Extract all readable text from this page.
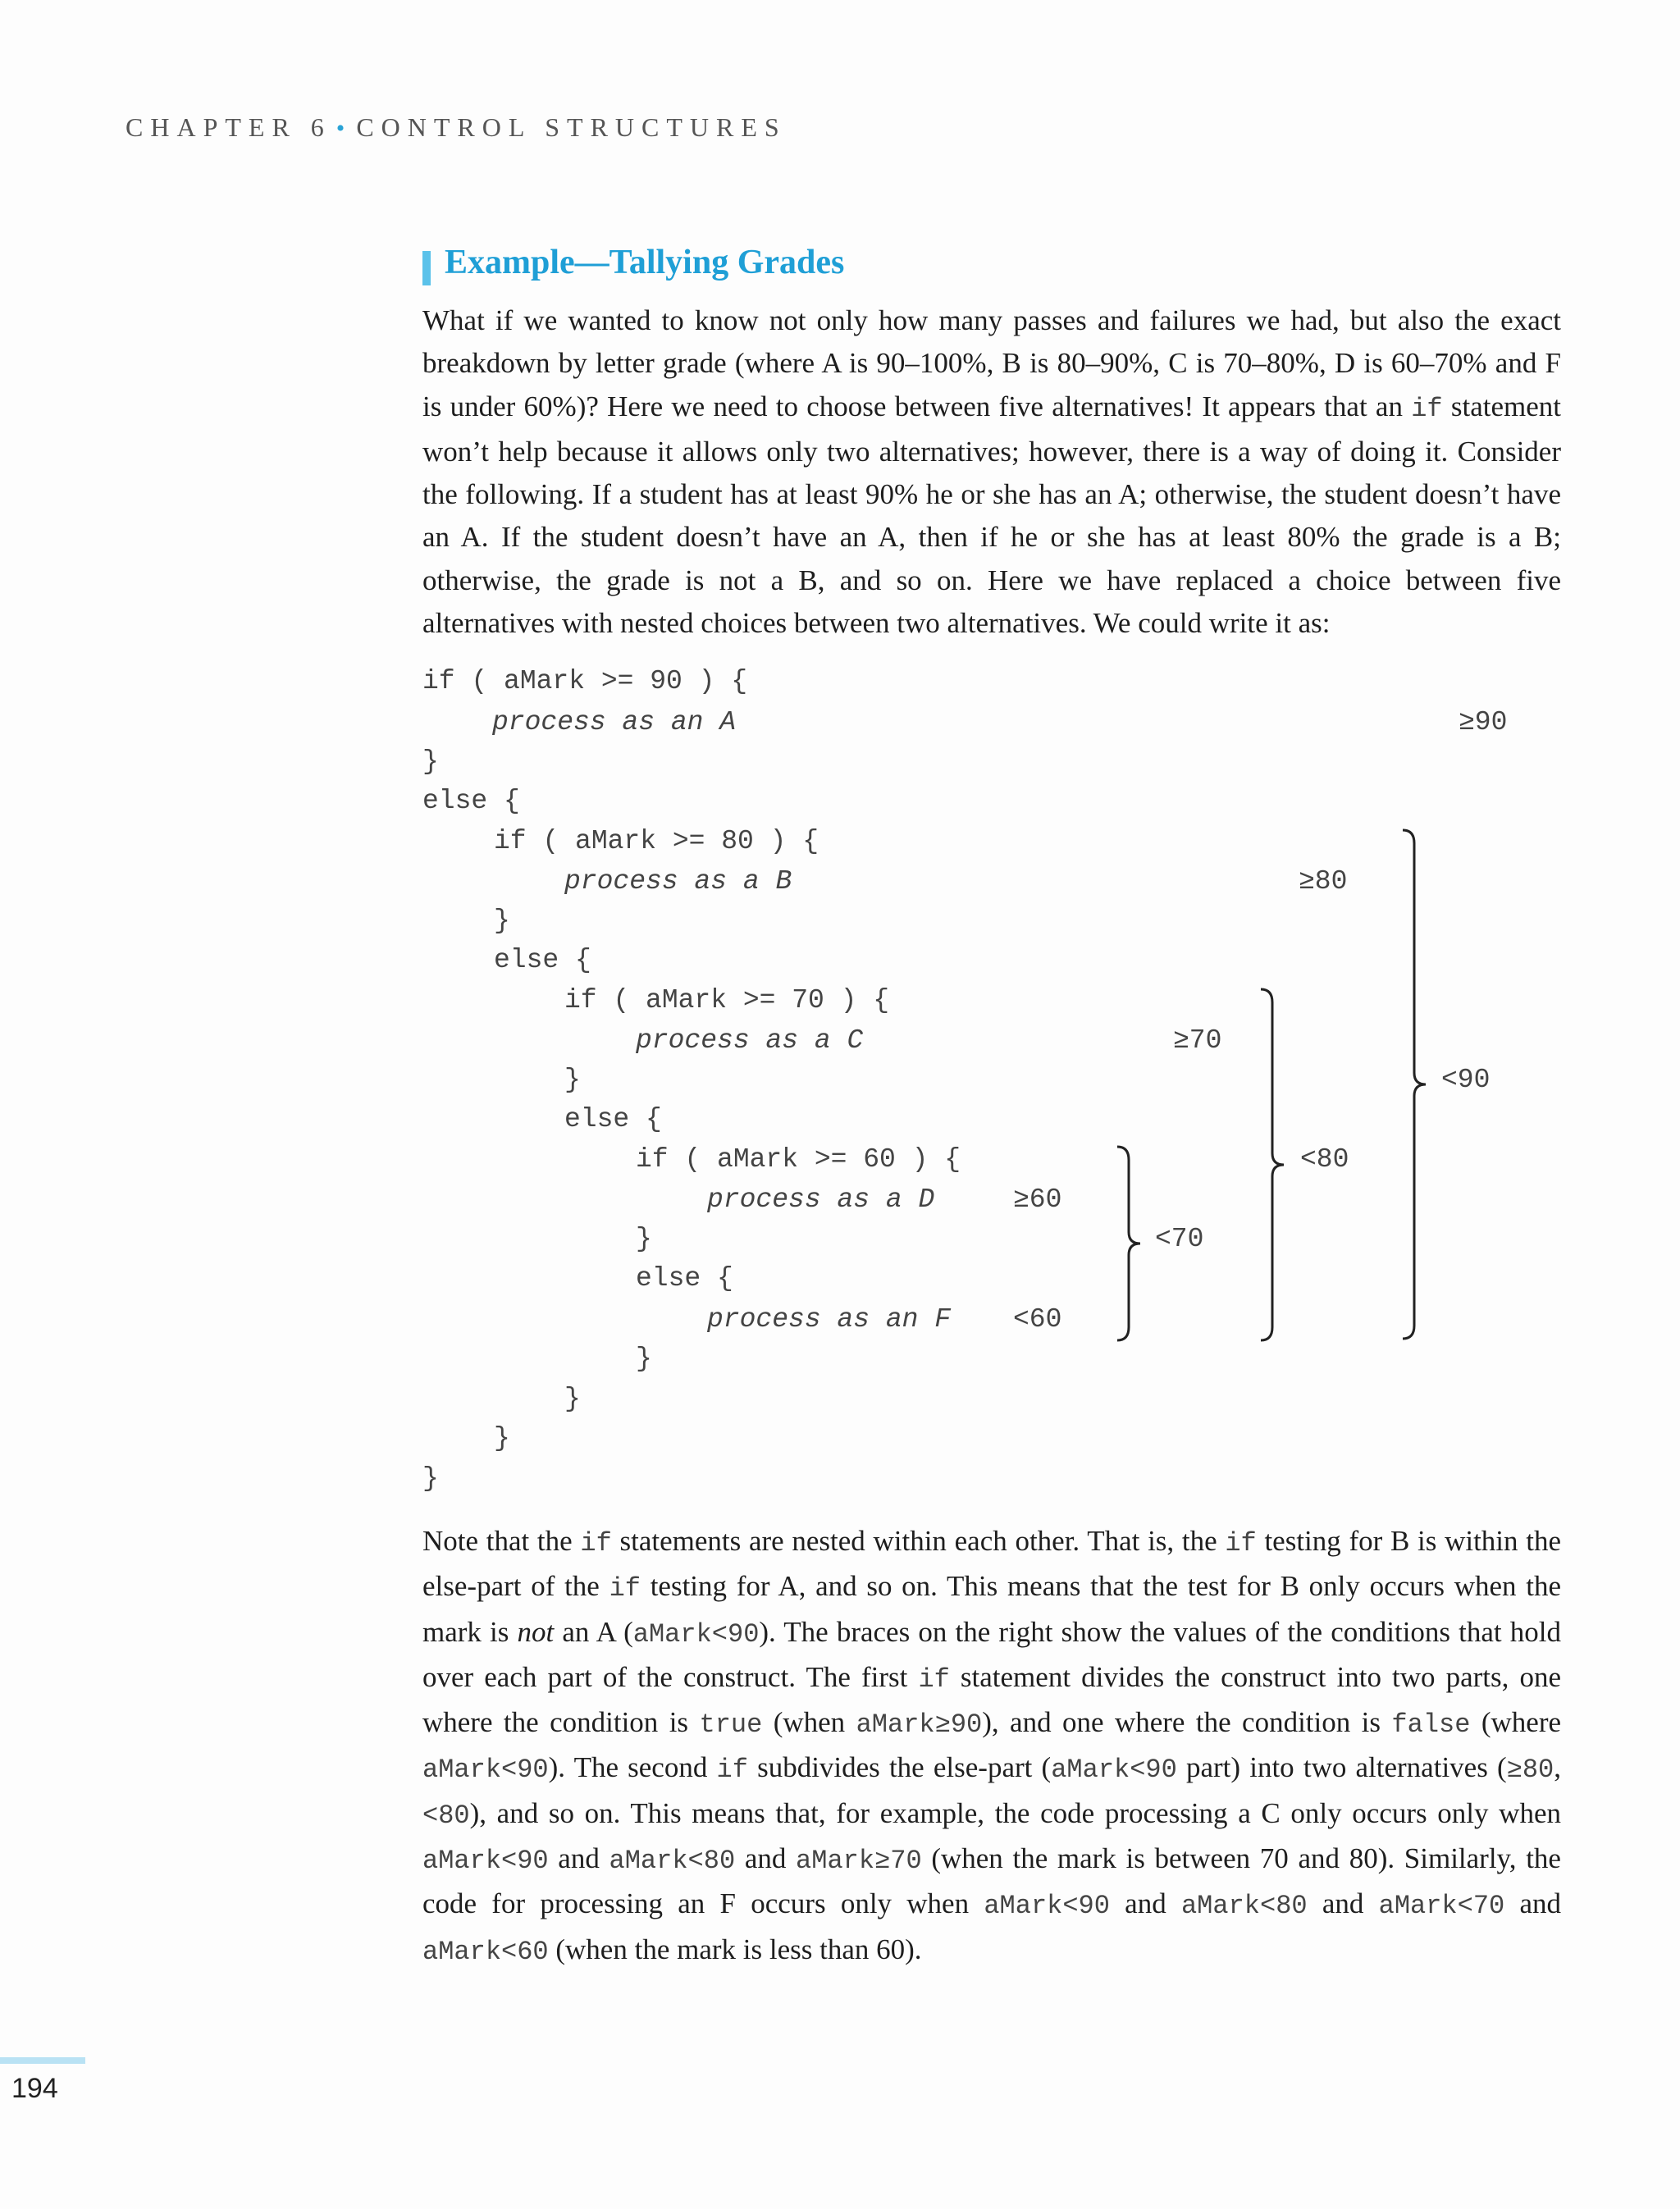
CHAPTER 6 • CONTROL STRUCTURES
Example—Tallying Grades
What if we wanted to know not only how many passes and failures we had, but also the exact breakdown by letter grade (where A is 90–100%, B is 80–90%, C is 70–80%, D is 60–70% and F is under 60%)? Here we need to choose between five alternatives! It appears that an if statement won’t help because it allows only two alternatives; however, there is a way of doing it. Consider the following. If a student has at least 90% he or she has an A; otherwise, the student doesn’t have an A. If the student doesn’t have an A, then if he or she has at least 80% the grade is a B; otherwise, the grade is not a B, and so on. Here we have replaced a choice between five alternatives with nested choices between two alternatives. We could write it as:
if ( aMark >= 90 ) {
process as an A
}
else {
if ( aMark >= 80 ) {
process as a B
}
else {
if ( aMark >= 70 ) {
process as a C
}
else {
if ( aMark >= 60 ) {
process as a D
}
else {
process as an F
}
}
}
}
≥90
≥80
≥70
≥60
<60
<70
<80
<90
Note that the if statements are nested within each other. That is, the if testing for B is within the else-part of the if testing for A, and so on. This means that the test for B only occurs when the mark is not an A (aMark<90). The braces on the right show the values of the conditions that hold over each part of the construct. The first if statement divides the construct into two parts, one where the condition is true (when aMark≥90), and one where the condition is false (where aMark<90). The second if subdivides the else-part (aMark<90 part) into two alternatives (≥80, <80), and so on. This means that, for example, the code processing a C only occurs only when aMark<90 and aMark<80 and aMark≥70 (when the mark is between 70 and 80). Similarly, the code for processing an F occurs only when aMark<90 and aMark<80 and aMark<70 and aMark<60 (when the mark is less than 60).
194
